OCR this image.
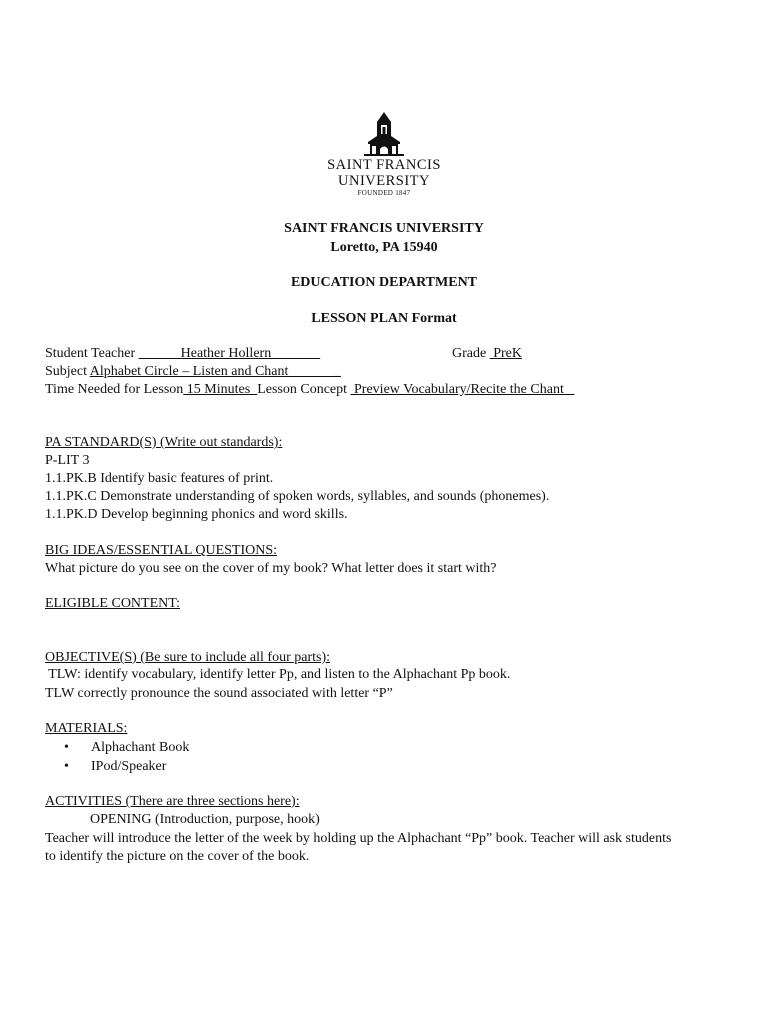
SAINT FRANCIS
UNIVERSITY
FOUNDED 1847
SAINT FRANCIS UNIVERSITY
Loretto, PA 15940
EDUCATION DEPARTMENT
LESSON PLAN Format
Student Teacher             Heather Hollern	Grade  PreK
Subject Alphabet Circle – Listen and Chant             _
Time Needed for Lesson 15 Minutes  Lesson Concept  Preview Vocabulary/Recite the Chant _
PA STANDARD(S) (Write out standards):
P-LIT 3
1.1.PK.B Identify basic features of print.
1.1.PK.C Demonstrate understanding of spoken words, syllables, and sounds (phonemes).
1.1.PK.D Develop beginning phonics and word skills.
BIG IDEAS/ESSENTIAL QUESTIONS:
What picture do you see on the cover of my book? What letter does it start with?
ELIGIBLE CONTENT:
OBJECTIVE(S) (Be sure to include all four parts):
TLW: identify vocabulary, identify letter Pp, and listen to the Alphachant Pp book.
TLW correctly pronounce the sound associated with letter “P”
MATERIALS:
• Alphachant Book
• IPod/Speaker
ACTIVITIES (There are three sections here):
OPENING (Introduction, purpose, hook)
Teacher will introduce the letter of the week by holding up the Alphachant “Pp” book. Teacher will ask students
to identify the picture on the cover of the book.
